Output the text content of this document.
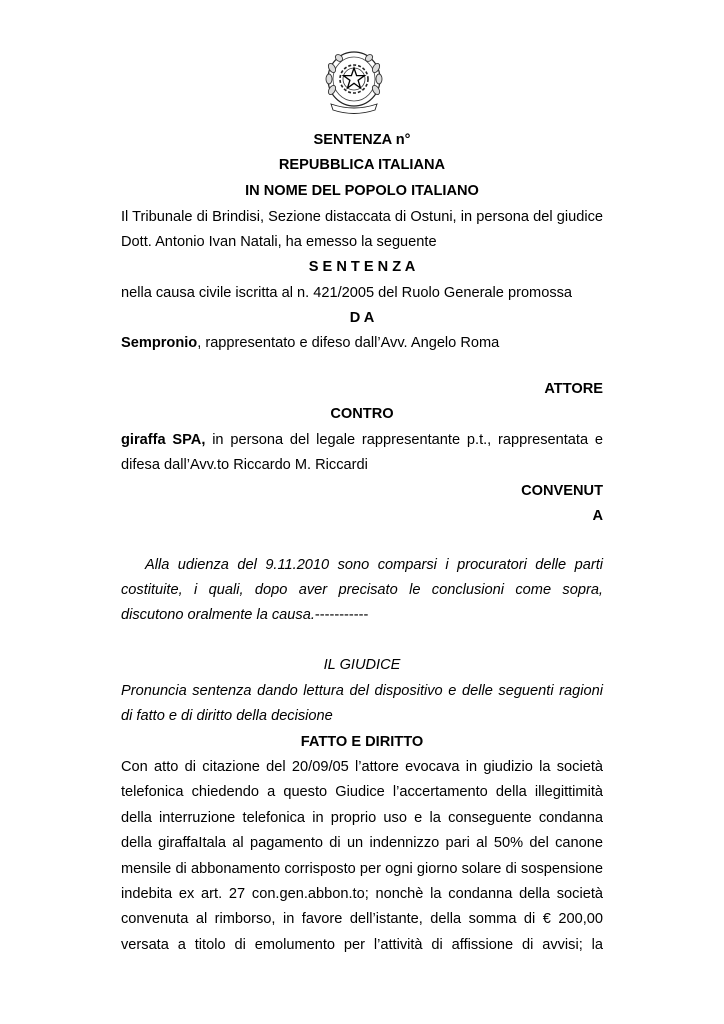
SENTENZA n°
REPUBBLICA ITALIANA
IN NOME DEL POPOLO ITALIANO
Il Tribunale di Brindisi, Sezione distaccata di Ostuni, in persona del giudice
Dott. Antonio Ivan Natali, ha emesso la seguente
S E N T E N Z A
nella causa civile iscritta al n. 421/2005 del Ruolo Generale promossa
D A
Sempronio, rappresentato e difeso dall’Avv. Angelo Roma
ATTORE
CONTRO
giraffa SPA, in persona del legale rappresentante p.t., rappresentata e
difesa dall’Avv.to Riccardo M. Riccardi
CONVENUT
A
Alla udienza del 9.11.2010 sono comparsi i procuratori delle parti
costituite, i quali, dopo aver precisato le conclusioni come sopra,
discutono oralmente la causa.-----------
IL GIUDICE
Pronuncia sentenza dando lettura del dispositivo e delle seguenti ragioni
di fatto e di diritto della decisione
FATTO E DIRITTO
Con atto di citazione del 20/09/05 l’attore evocava in giudizio la società
telefonica chiedendo a questo Giudice l’accertamento della illegittimità
della interruzione telefonica in proprio uso e la conseguente condanna
della giraffaItala al pagamento di un indennizzo pari al 50% del canone
mensile di abbonamento corrisposto per ogni giorno solare di sospensione
indebita ex art. 27 con.gen.abbon.to; nonchè la condanna della società
convenuta al rimborso, in favore dell’istante, della somma di € 200,00
versata a titolo di emolumento per l’attività di affissione di avvisi; la
